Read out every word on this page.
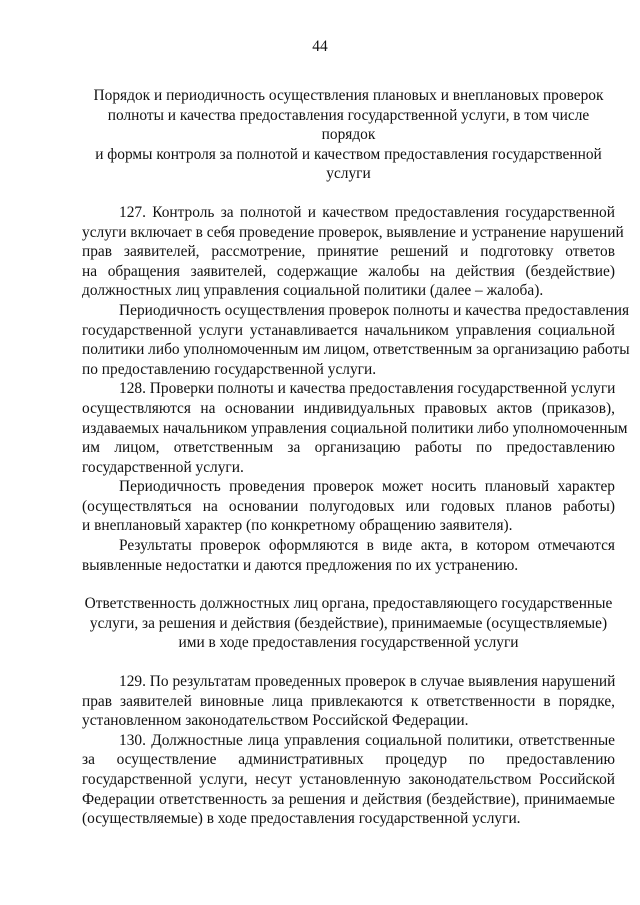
44
Порядок и периодичность осуществления плановых и внеплановых проверок
полноты и качества предоставления государственной услуги, в том числе порядок
и формы контроля за полнотой и качеством предоставления государственной
услуги
127. Контроль за полнотой и качеством предоставления государственной
услуги включает в себя проведение проверок, выявление и устранение нарушений
прав заявителей, рассмотрение, принятие решений и подготовку ответов
на обращения заявителей, содержащие жалобы на действия (бездействие)
должностных лиц управления социальной политики (далее – жалоба).
Периодичность осуществления проверок полноты и качества предоставления
государственной услуги устанавливается начальником управления социальной
политики либо уполномоченным им лицом, ответственным за организацию работы
по предоставлению государственной услуги.
128. Проверки полноты и качества предоставления государственной услуги
осуществляются на основании индивидуальных правовых актов (приказов),
издаваемых начальником управления социальной политики либо уполномоченным
им лицом, ответственным за организацию работы по предоставлению
государственной услуги.
Периодичность проведения проверок может носить плановый характер
(осуществляться на основании полугодовых или годовых планов работы)
и внеплановый характер (по конкретному обращению заявителя).
Результаты проверок оформляются в виде акта, в котором отмечаются
выявленные недостатки и даются предложения по их устранению.
Ответственность должностных лиц органа, предоставляющего государственные
услуги, за решения и действия (бездействие), принимаемые (осуществляемые)
ими в ходе предоставления государственной услуги
129. По результатам проведенных проверок в случае выявления нарушений
прав заявителей виновные лица привлекаются к ответственности в порядке,
установленном законодательством Российской Федерации.
130. Должностные лица управления социальной политики, ответственные
за осуществление административных процедур по предоставлению
государственной услуги, несут установленную законодательством Российской
Федерации ответственность за решения и действия (бездействие), принимаемые
(осуществляемые) в ходе предоставления государственной услуги.
